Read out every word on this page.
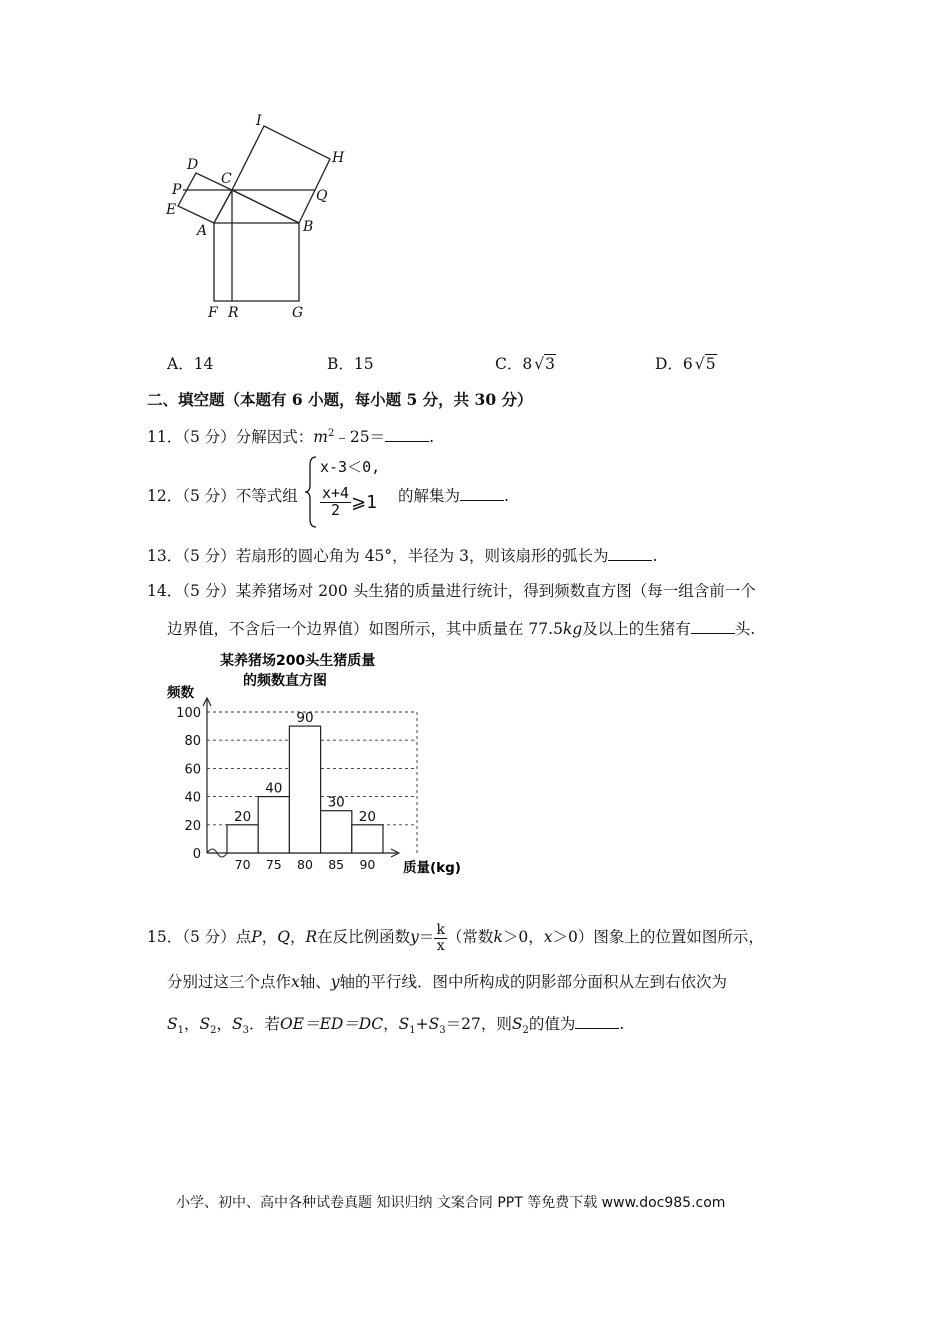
I
H
D
C
Q
P
E
A	B
F R	G
A．14	B．15	C．8 √3	D．6 √5
二、填空题（本题有 6 小题，每小题 5 分，共 30 分）
11．（5 分）分解因式：$m^2﹣25=$	.
12．（5 分）不等式组
x-3＜0,
$\frac{x+4}{2}$ ⩾1 的解集为	.
13．（5 分）若扇形的圆心角为 45°，半径为 3，则该扇形的弧长为	.
14．（5 分）某养猪场对 200 头生猪的质量进行统计，得到频数直方图（每一组含前一个
边界值，不含后一个边界值）如图所示，其中质量在 77.5kg及以上的生猪有	头.
某养猪场200头生猪质量
的频数直方图
频数
0
20
40
60
80
100
70 75 80 85 90
20
40
90
30
20
质量(kg)
15．（5 分）点P，Q，R在反比例函数$y= \frac{k}{x}$ （常数k＞0，x＞0）图象上的位置如图所示，
分别过这三个点作x轴、y轴的平行线．图中所构成的阴影部分面积从左到右依次为
$S_1$，$S_2$，$S_3$．若OE＝ED＝DC，$S_1+S_3=27$，则$S_2$的值为	.
小学、初中、高中各种试卷真题 知识归纳 文案合同 PPT 等免费下载 www.doc985.com
